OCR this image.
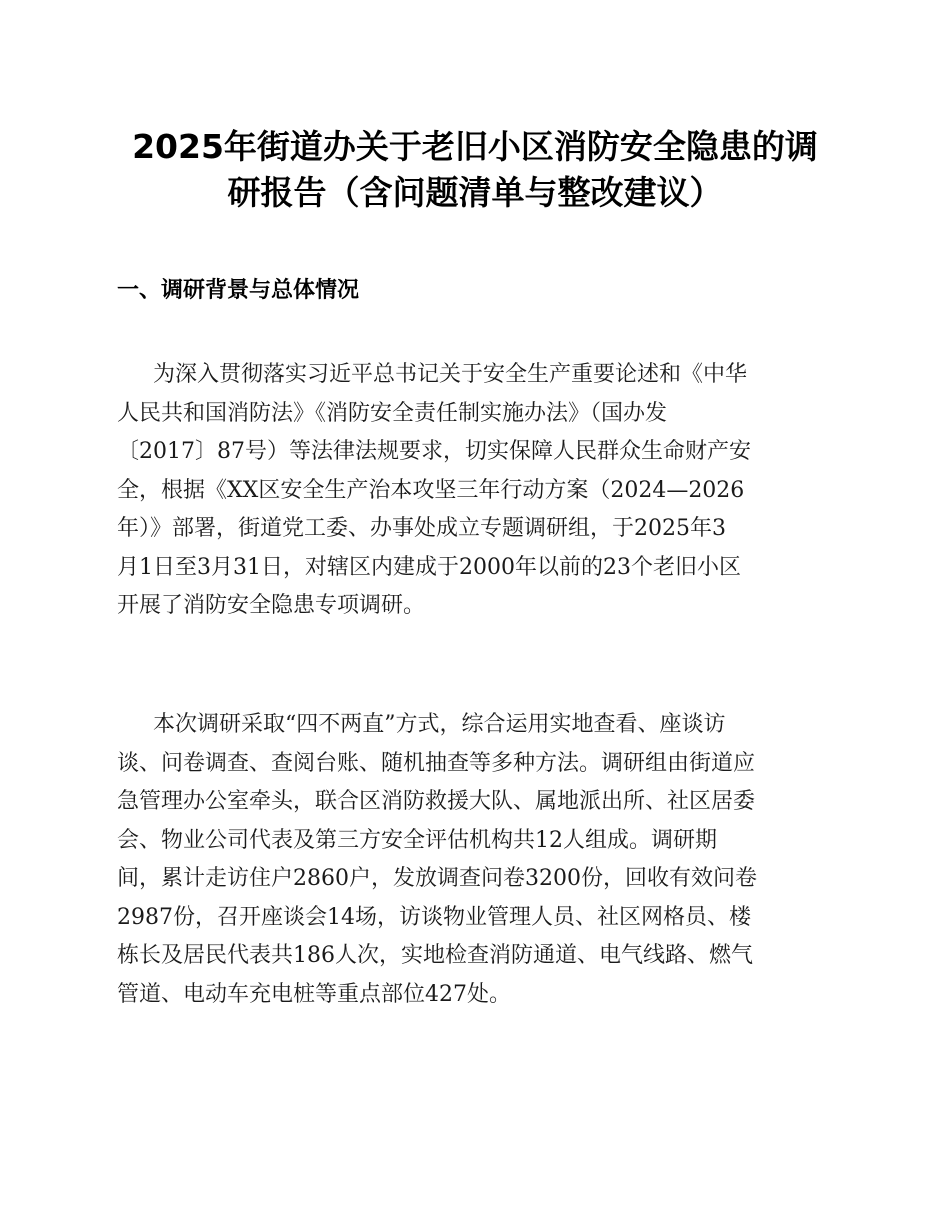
2025年街道办关于老旧小区消防安全隐患的调
研报告（含问题清单与整改建议）
一、调研背景与总体情况
为深入贯彻落实习近平总书记关于安全生产重要论述和《中华
人民共和国消防法》《消防安全责任制实施办法》（国办发
〔2017〕87号）等法律法规要求，切实保障人民群众生命财产安
全，根据《XX区安全生产治本攻坚三年行动方案（2024—2026
年）》部署，街道党工委、办事处成立专题调研组，于2025年3
月1日至3月31日，对辖区内建成于2000年以前的23个老旧小区
开展了消防安全隐患专项调研。
本次调研采取“四不两直”方式，综合运用实地查看、座谈访
谈、问卷调查、查阅台账、随机抽查等多种方法。调研组由街道应
急管理办公室牵头，联合区消防救援大队、属地派出所、社区居委
会、物业公司代表及第三方安全评估机构共12人组成。调研期
间，累计走访住户2860户，发放调查问卷3200份，回收有效问卷
2987份，召开座谈会14场，访谈物业管理人员、社区网格员、楼
栋长及居民代表共186人次，实地检查消防通道、电气线路、燃气
管道、电动车充电桩等重点部位427处。
